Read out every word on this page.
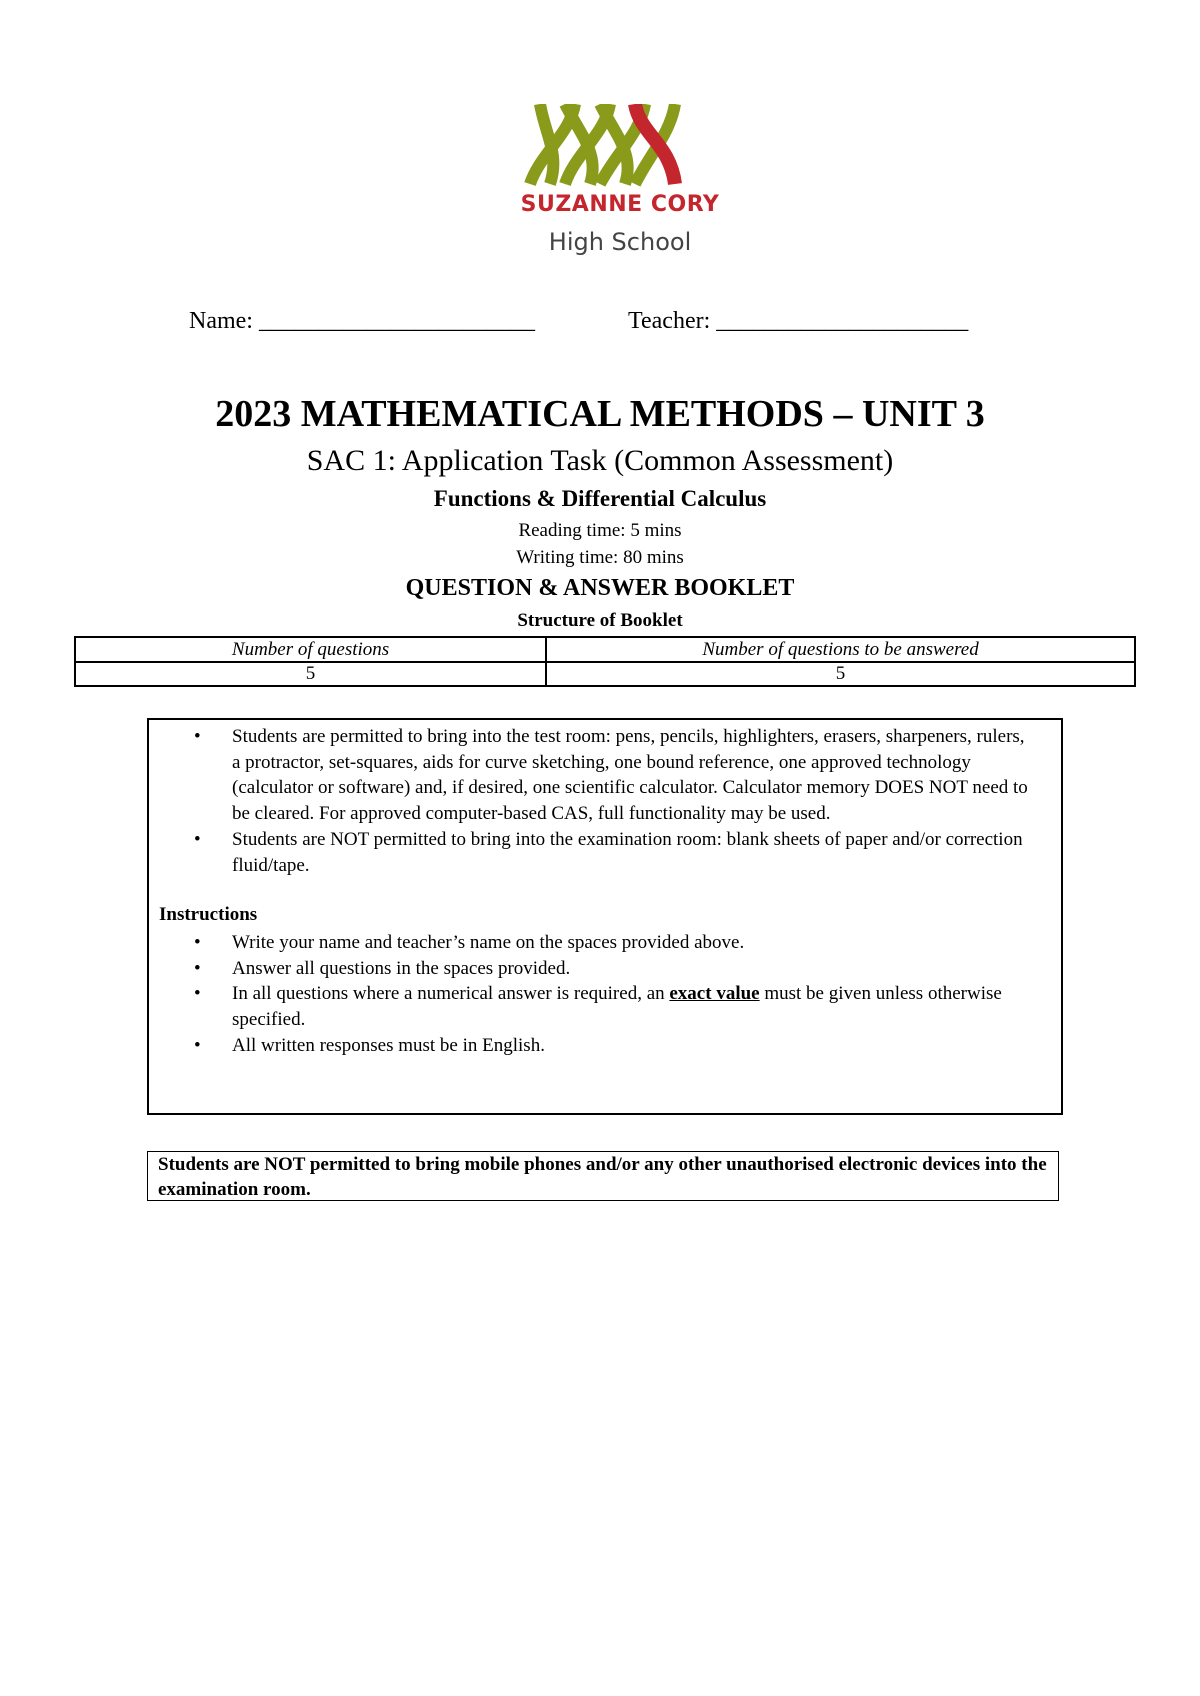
SUZANNE CORY
High School
Name: _______________________	Teacher: _____________________
2023 MATHEMATICAL METHODS – UNIT 3
SAC 1: Application Task (Common Assessment)
Functions & Differential Calculus
Reading time: 5 mins
Writing time: 80 mins
QUESTION & ANSWER BOOKLET
Structure of Booklet
Number of questions	Number of questions to be answered
5	5
• Students are permitted to bring into the test room: pens, pencils, highlighters, erasers, sharpeners, rulers, a protractor, set-squares, aids for curve sketching, one bound reference, one approved technology (calculator or software) and, if desired, one scientific calculator. Calculator memory DOES NOT need to be cleared. For approved computer-based CAS, full functionality may be used.
• Students are NOT permitted to bring into the examination room: blank sheets of paper and/or correction fluid/tape.
Instructions
• Write your name and teacher’s name on the spaces provided above.
• Answer all questions in the spaces provided.
• In all questions where a numerical answer is required, an exact value must be given unless otherwise specified.
• All written responses must be in English.
Students are NOT permitted to bring mobile phones and/or any other unauthorised electronic devices into the examination room.
